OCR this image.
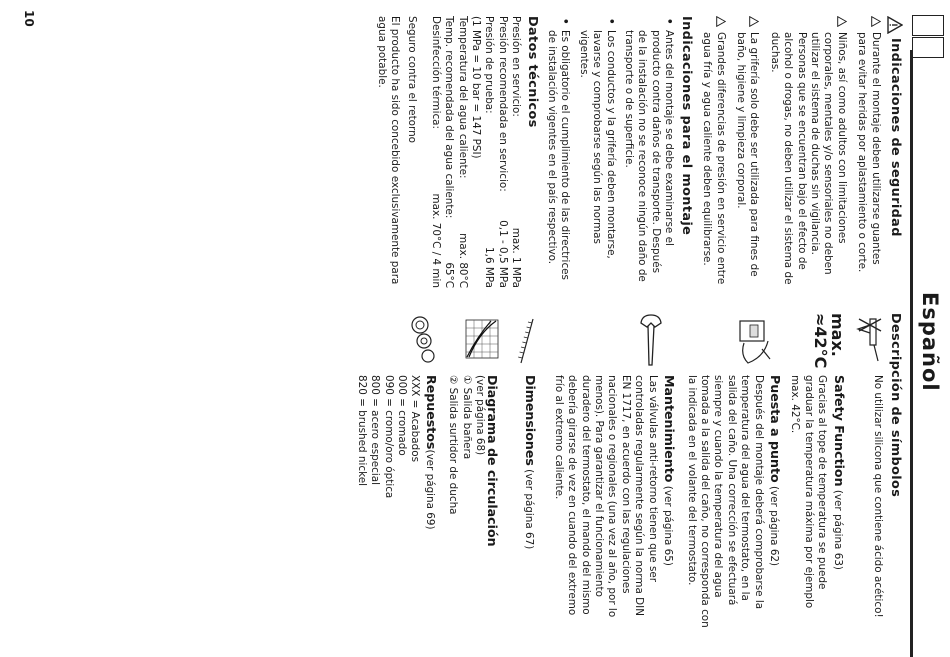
Español

Indicaciones de seguridad

Durante el montaje deben utilizarse guantes para evitar heridas por aplastamiento o corte.

Niños, así como adultos con limitaciones corporales, mentales y/o sensoriales no deben utilizar el sistema de duchas sin vigilancia. Personas que se encuentran bajo el efecto de alcohol o drogas, no deben utilizar el sistema de duchas.

La grifería solo debe ser utilizada para fines de baño, higiene y limpieza corporal.

Grandes diferencias de presión en servicio entre agua fría y agua caliente deben equilibrarse.

Indicaciones para el montaje

•
Antes del montaje se debe examinarse el producto contra daños de transporte. Después de la instalación no se reconoce ningún daño de transporte o de superficie.
•
Los conductos y la grifería deben montarse, lavarse y comprobarse según las normas vigentes.
•
Es obligatorio el cumplimiento de las directrices de instalación vigentes en el país respectivo.

Datos técnicos

Presión en servicio:
max. 1 MPa
Presión recomendada en servicio:
0,1 - 0,5 MPa
Presión de prueba:
1,6 MPa
(1 MPa = 10 bar = 147 PSI)
Temperatura del agua caliente:
max. 80°C
Temp. recomendada del agua caliente:
65°C
Desinfección térmica:
max. 70°C / 4 min

Seguro contra el retorno

El producto ha sido concebido exclusivamente para agua potable.

Descripción de símbolos

No utilizar silicona que contiene ácido acético!
max.
≈42°C
Safety Function (ver página 63)
Gracias al tope de temperatura se puede graduar la temperatura máxima por ejemplo max. 42°C.
Puesta a punto (ver página 62)
Después del montaje deberá comprobarse la temperatura del agua del termostato, en la salida del caño. Una corrección se efectuará siempre y cuando la temperatura del agua tomada a la salida del caño, no corresponda con la indicada en el volante del termostato.
Mantenimiento (ver página 65)
Las válvulas anti-retorno tienen que ser controladas regularmente según la norma DIN EN 1717, en acuerdo con las regulaciones nacionales o regionales (una vez al año, por lo menos). Para garantizar el funcionamiento duradero del termostato, el mando del mismo debería girarse de vez en cuando del extremo frío al extremo caliente.
Dimensiones (ver página 67)
Diagrama de circulación
(ver página 68)
① Salida bañera
② Salida surtidor de ducha
Repuestos(ver página 69)
XXX = Acabados
000 = cromado
090 = cromo/oro óptica
800 = acero especial
820 = brushed nickel
10
